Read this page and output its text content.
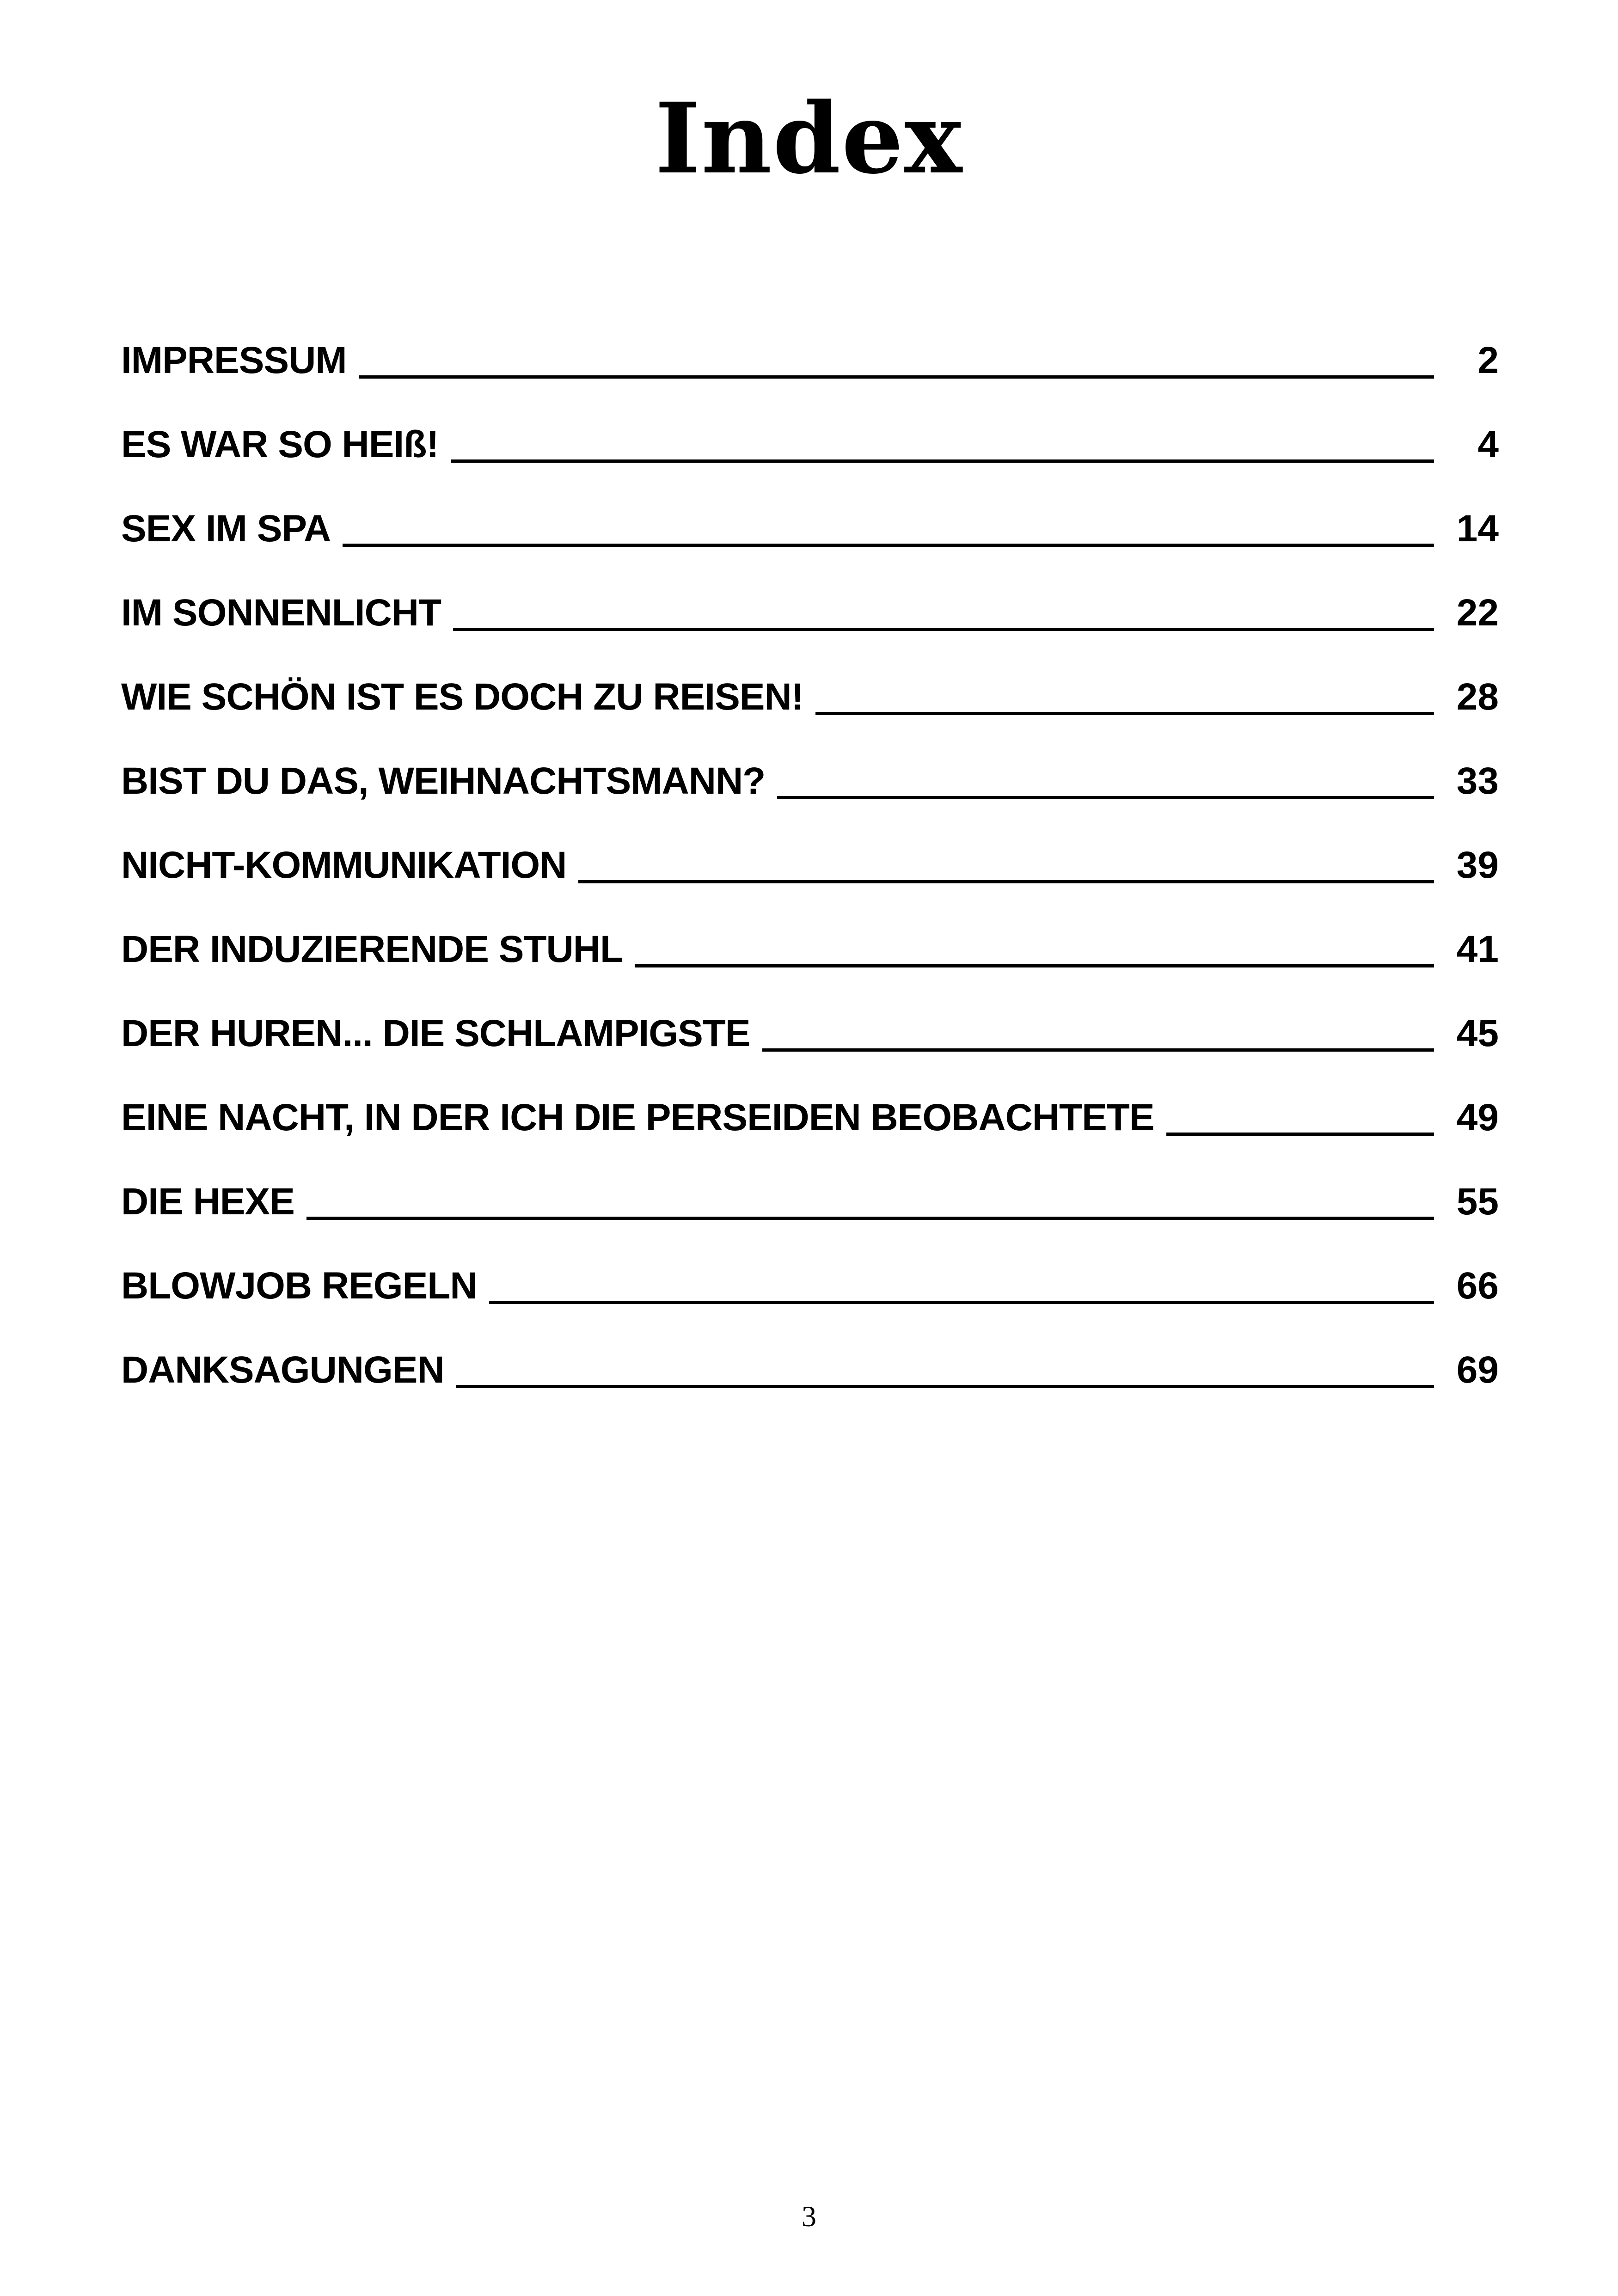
Index
IMPRESSUM	2
ES WAR SO HEIß!	4
SEX IM SPA	14
IM SONNENLICHT	22
WIE SCHÖN IST ES DOCH ZU REISEN!	28
BIST DU DAS, WEIHNACHTSMANN?	33
NICHT-KOMMUNIKATION	39
DER INDUZIERENDE STUHL	41
DER HUREN... DIE SCHLAMPIGSTE	45
EINE NACHT, IN DER ICH DIE PERSEIDEN BEOBACHTETE	49
DIE HEXE	55
BLOWJOB REGELN	66
DANKSAGUNGEN	69
3
